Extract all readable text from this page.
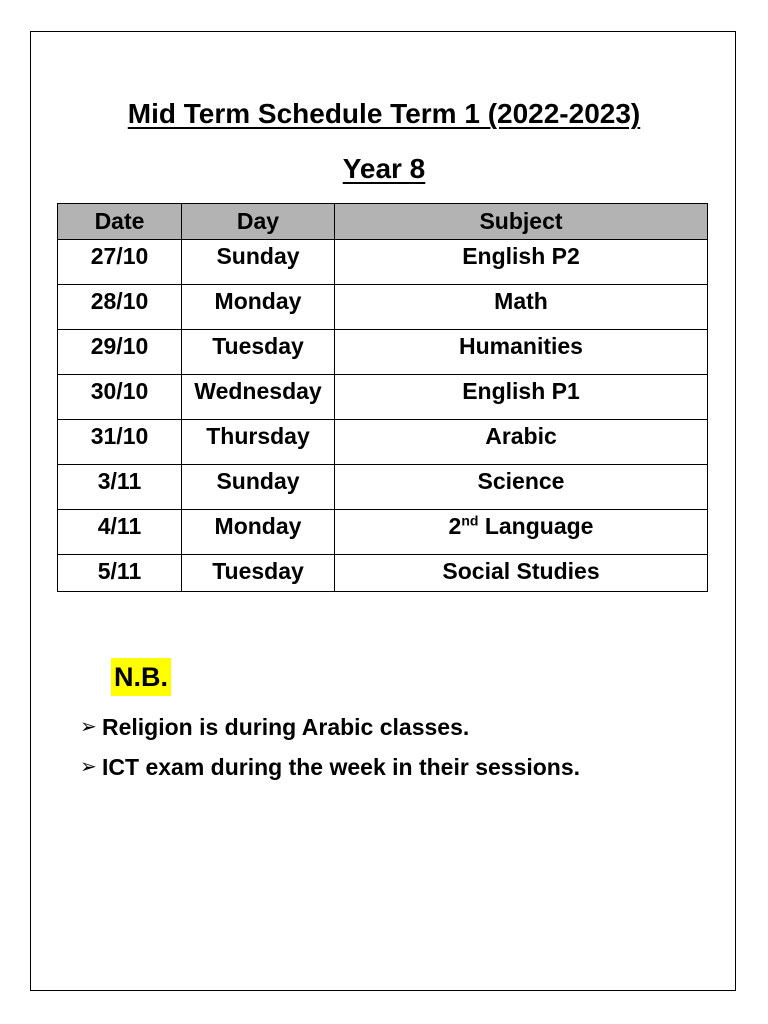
Mid Term Schedule Term 1 (2022-2023)
Year 8
Date	Day	Subject
27/10	Sunday	English P2
28/10	Monday	Math
29/10	Tuesday	Humanities
30/10	Wednesday	English P1
31/10	Thursday	Arabic
3/11	Sunday	Science
4/11	Monday	2nd Language
5/11	Tuesday	Social Studies
N.B.
➢ Religion is during Arabic classes.
➢ ICT exam during the week in their sessions.
